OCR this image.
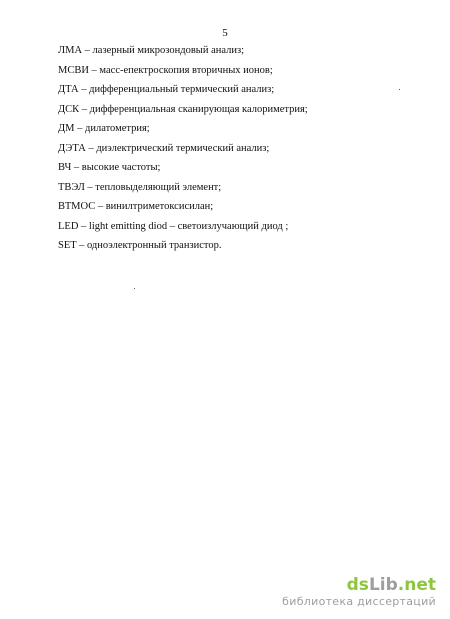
5
ЛМА – лазерный микрозондовый анализ;
МСВИ – масс-епектроскопия вторичных ионов;
ДТА – дифференциальный термический анализ;
ДСК – дифференциальная сканирующая калориметрия;
ДМ – дилатометрия;
ДЭТА – диэлектрический термический анализ;
ВЧ – высокие частоты;
ТВЭЛ – тепловыделяющий элемент;
ВТМОС – винилтриметоксисилан;
LED – light emitting diod – светоизлучающий диод ;
SET – одноэлектронный транзистор.
dsLib.net
библиотека диссертаций
